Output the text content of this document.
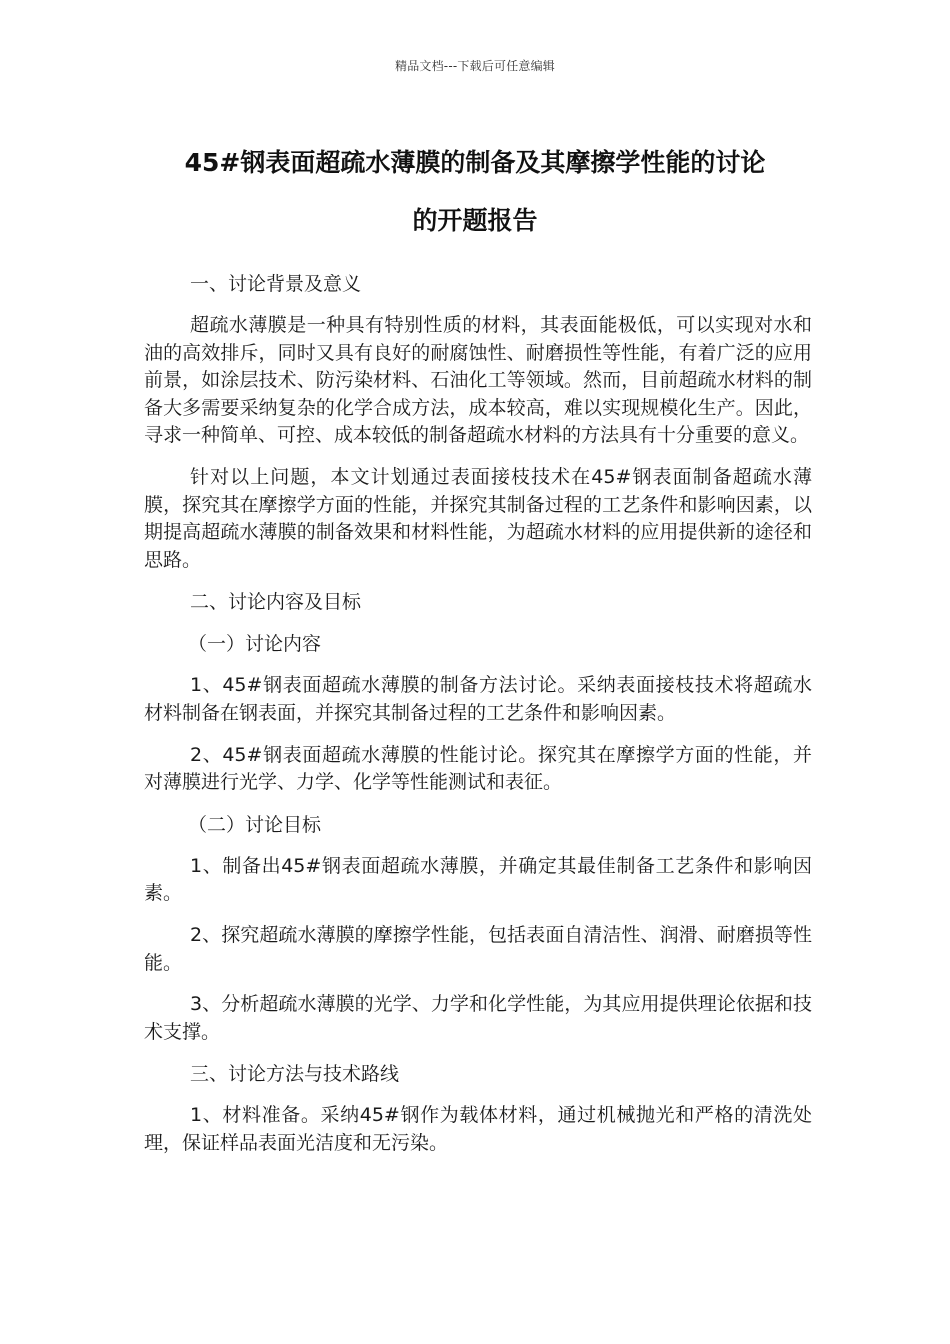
精品文档---下载后可任意编辑
45#钢表面超疏水薄膜的制备及其摩擦学性能的讨论
的开题报告

一、讨论背景及意义

超疏水薄膜是一种具有特别性质的材料，其表面能极低，可以实现对水和油的高效排斥，同时又具有良好的耐腐蚀性、耐磨损性等性能，有着广泛的应用前景，如涂层技术、防污染材料、石油化工等领域。然而，目前超疏水材料的制备大多需要采纳复杂的化学合成方法，成本较高，难以实现规模化生产。因此，寻求一种简单、可控、成本较低的制备超疏水材料的方法具有十分重要的意义。

针对以上问题，本文计划通过表面接枝技术在45#钢表面制备超疏水薄膜，探究其在摩擦学方面的性能，并探究其制备过程的工艺条件和影响因素，以期提高超疏水薄膜的制备效果和材料性能，为超疏水材料的应用提供新的途径和思路。

二、讨论内容及目标

（一）讨论内容

1、45#钢表面超疏水薄膜的制备方法讨论。采纳表面接枝技术将超疏水材料制备在钢表面，并探究其制备过程的工艺条件和影响因素。

2、45#钢表面超疏水薄膜的性能讨论。探究其在摩擦学方面的性能，并对薄膜进行光学、力学、化学等性能测试和表征。

（二）讨论目标

1、制备出45#钢表面超疏水薄膜，并确定其最佳制备工艺条件和影响因素。

2、探究超疏水薄膜的摩擦学性能，包括表面自清洁性、润滑、耐磨损等性能。

3、分析超疏水薄膜的光学、力学和化学性能，为其应用提供理论依据和技术支撑。

三、讨论方法与技术路线

1、材料准备。采纳45#钢作为载体材料，通过机械抛光和严格的清洗处理，保证样品表面光洁度和无污染。
